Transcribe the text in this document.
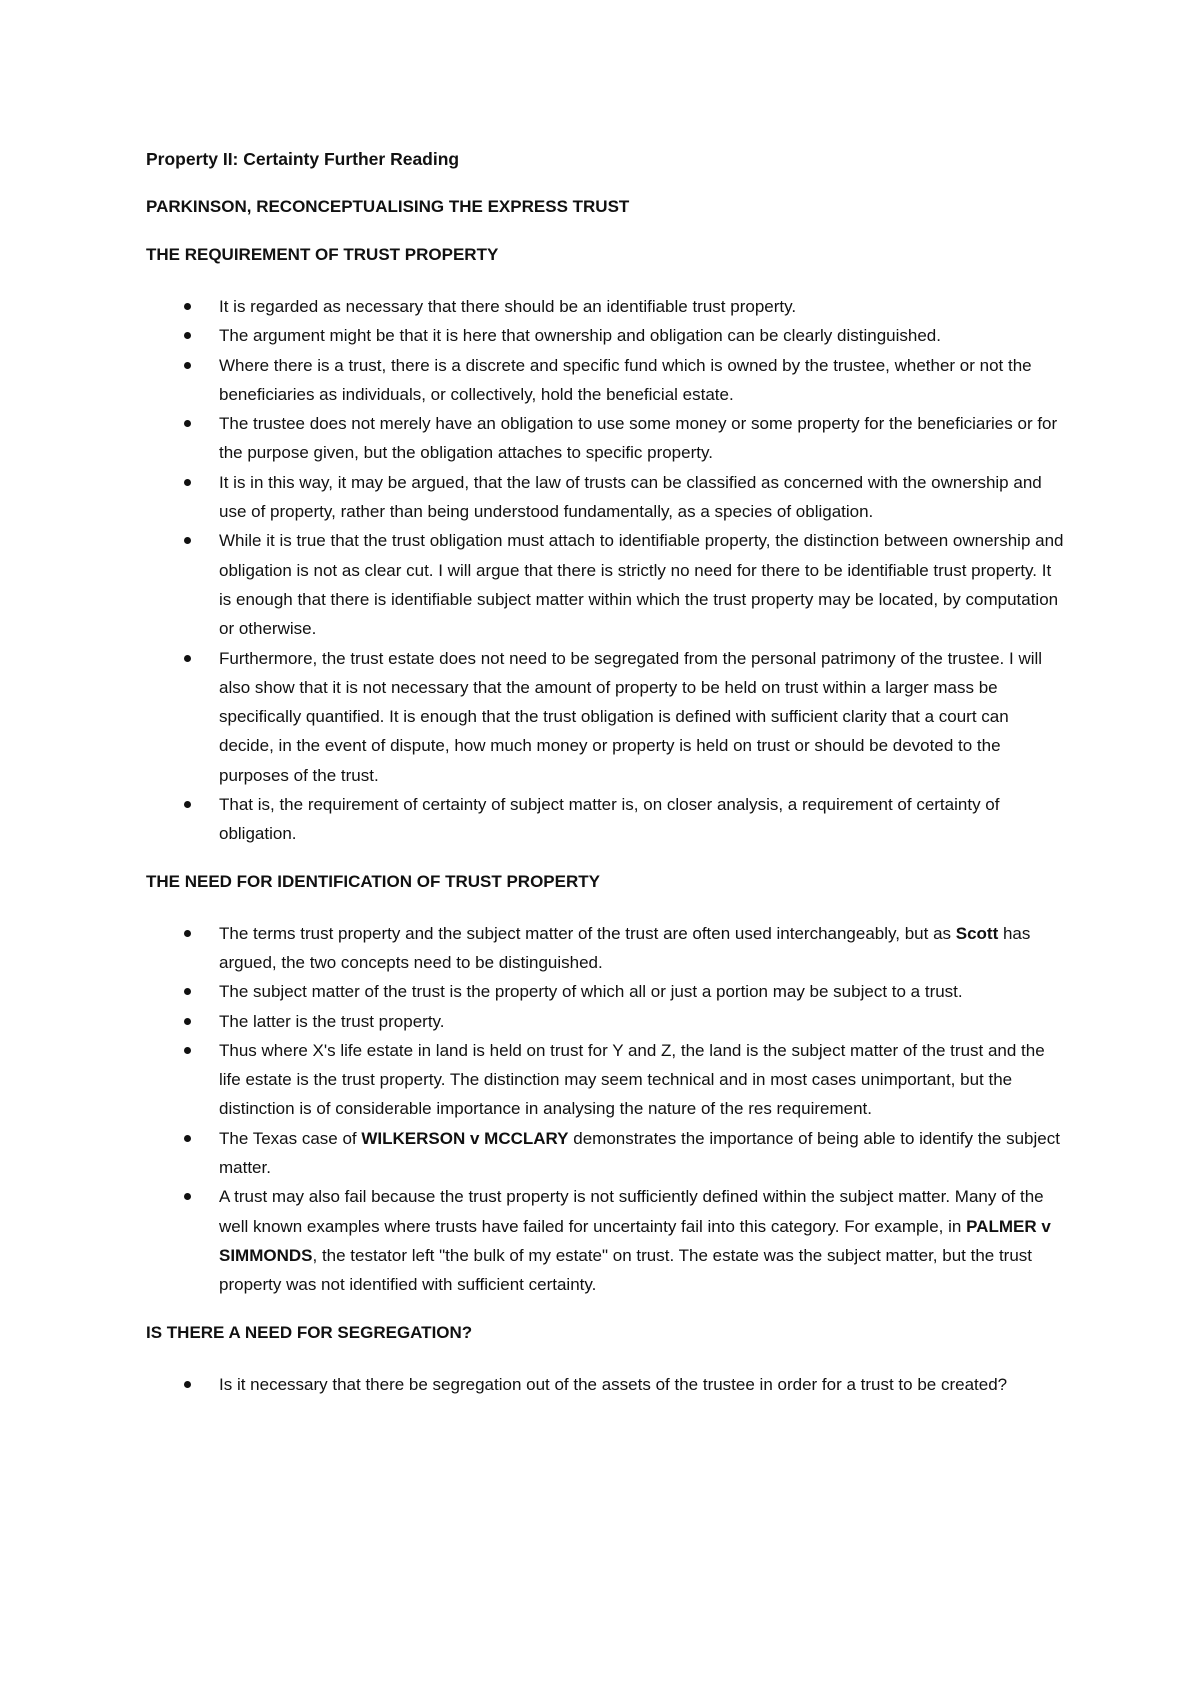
Property II: Certainty Further Reading
PARKINSON, RECONCEPTUALISING THE EXPRESS TRUST
THE REQUIREMENT OF TRUST PROPERTY
It is regarded as necessary that there should be an identifiable trust property.
The argument might be that it is here that ownership and obligation can be clearly distinguished.
Where there is a trust, there is a discrete and specific fund which is owned by the trustee, whether or not the beneficiaries as individuals, or collectively, hold the beneficial estate.
The trustee does not merely have an obligation to use some money or some property for the beneficiaries or for the purpose given, but the obligation attaches to specific property.
It is in this way, it may be argued, that the law of trusts can be classified as concerned with the ownership and use of property, rather than being understood fundamentally, as a species of obligation.
While it is true that the trust obligation must attach to identifiable property, the distinction between ownership and obligation is not as clear cut. I will argue that there is strictly no need for there to be identifiable trust property. It is enough that there is identifiable subject matter within which the trust property may be located, by computation or otherwise.
Furthermore, the trust estate does not need to be segregated from the personal patrimony of the trustee. I will also show that it is not necessary that the amount of property to be held on trust within a larger mass be specifically quantified. It is enough that the trust obligation is defined with sufficient clarity that a court can decide, in the event of dispute, how much money or property is held on trust or should be devoted to the purposes of the trust.
That is, the requirement of certainty of subject matter is, on closer analysis, a requirement of certainty of obligation.
THE NEED FOR IDENTIFICATION OF TRUST PROPERTY
The terms trust property and the subject matter of the trust are often used interchangeably, but as Scott has argued, the two concepts need to be distinguished.
The subject matter of the trust is the property of which all or just a portion may be subject to a trust.
The latter is the trust property.
Thus where X's life estate in land is held on trust for Y and Z, the land is the subject matter of the trust and the life estate is the trust property. The distinction may seem technical and in most cases unimportant, but the distinction is of considerable importance in analysing the nature of the res requirement.
The Texas case of WILKERSON v MCCLARY demonstrates the importance of being able to identify the subject matter.
A trust may also fail because the trust property is not sufficiently defined within the subject matter. Many of the well known examples where trusts have failed for uncertainty fail into this category. For example, in PALMER v SIMMONDS, the testator left "the bulk of my estate" on trust. The estate was the subject matter, but the trust property was not identified with sufficient certainty.
IS THERE A NEED FOR SEGREGATION?
Is it necessary that there be segregation out of the assets of the trustee in order for a trust to be created?
